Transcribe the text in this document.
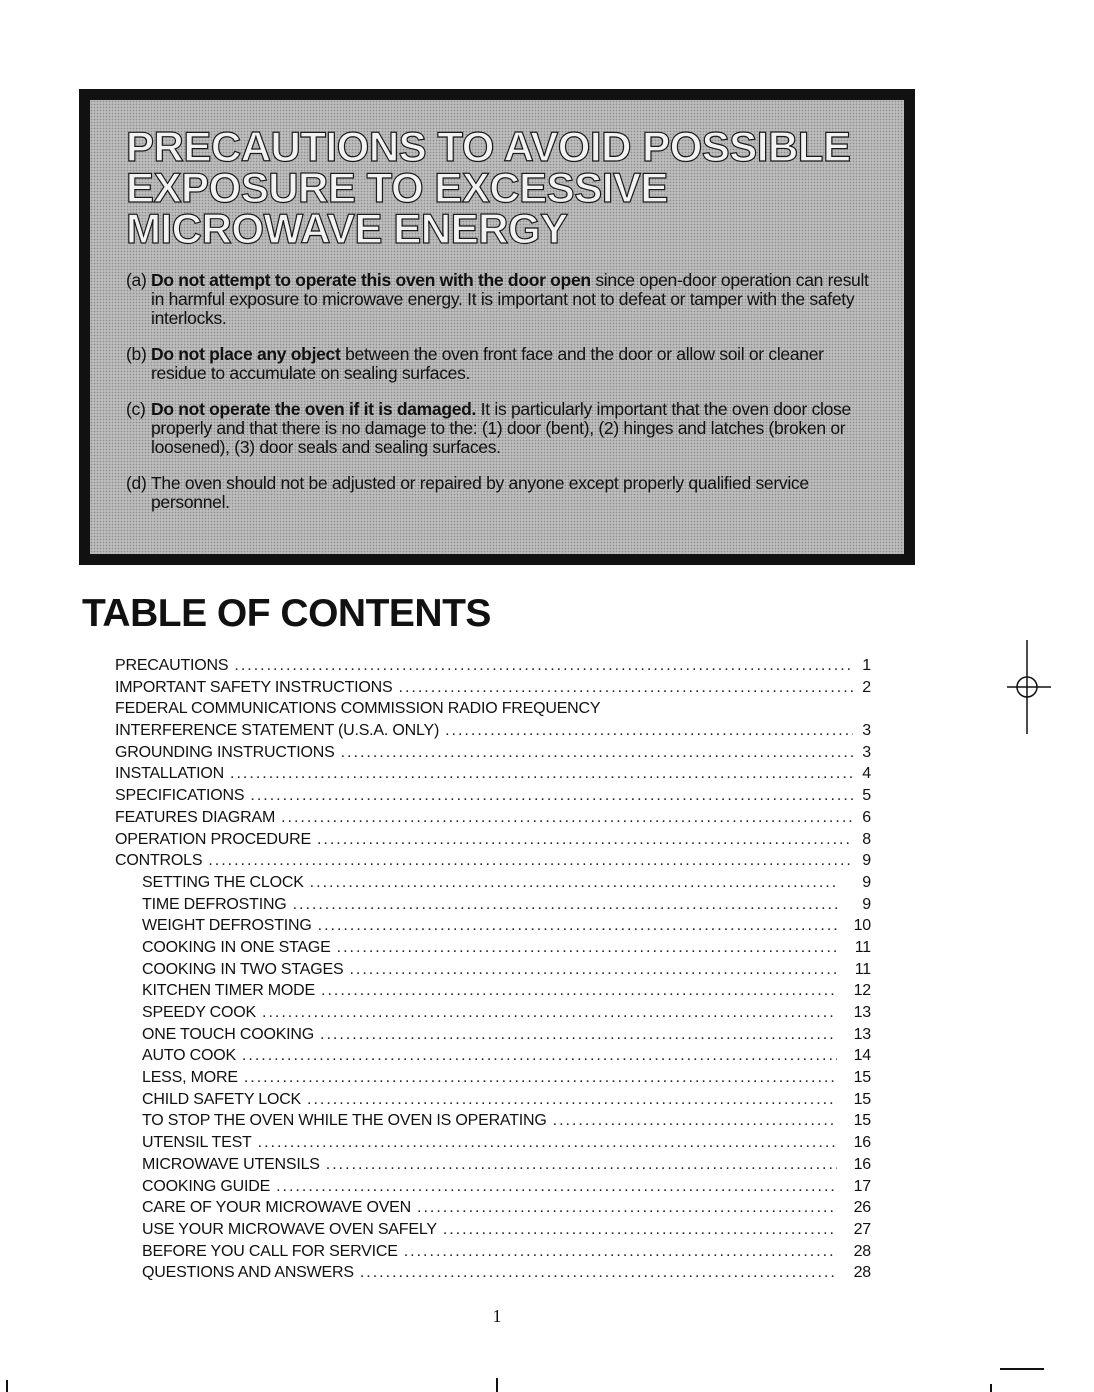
PRECAUTIONS TO AVOID POSSIBLE
EXPOSURE TO EXCESSIVE
MICROWAVE ENERGY

(a) Do not attempt to operate this oven with the door open since open-door operation can result in harmful exposure to microwave energy. It is important not to defeat or tamper with the safety interlocks.

(b) Do not place any object between the oven front face and the door or allow soil or cleaner residue to accumulate on sealing surfaces.

(c) Do not operate the oven if it is damaged. It is particularly important that the oven door close properly and that there is no damage to the: (1) door (bent), (2) hinges and latches (broken or loosened), (3) door seals and sealing surfaces.

(d) The oven should not be adjusted or repaired by anyone except properly qualified service personnel.

TABLE OF CONTENTS
PRECAUTIONS .....	1
IMPORTANT SAFETY INSTRUCTIONS .....	2
FEDERAL COMMUNICATIONS COMMISSION RADIO FREQUENCY
INTERFERENCE STATEMENT (U.S.A. ONLY) .....	3
GROUNDING INSTRUCTIONS .....	3
INSTALLATION .....	4
SPECIFICATIONS .....	5
FEATURES DIAGRAM .....	6
OPERATION PROCEDURE .....	8
CONTROLS .....	9
SETTING THE CLOCK .....	9
TIME DEFROSTING .....	9
WEIGHT DEFROSTING .....	10
COOKING IN ONE STAGE .....	11
COOKING IN TWO STAGES .....	11
KITCHEN TIMER MODE .....	12
SPEEDY COOK .....	13
ONE TOUCH COOKING .....	13
AUTO COOK .....	14
LESS, MORE .....	15
CHILD SAFETY LOCK .....	15
TO STOP THE OVEN WHILE THE OVEN IS OPERATING .....	15
UTENSIL TEST .....	16
MICROWAVE UTENSILS .....	16
COOKING GUIDE .....	17
CARE OF YOUR MICROWAVE OVEN .....	26
USE YOUR MICROWAVE OVEN SAFELY .....	27
BEFORE YOU CALL FOR SERVICE .....	28
QUESTIONS AND ANSWERS .....	28
1
